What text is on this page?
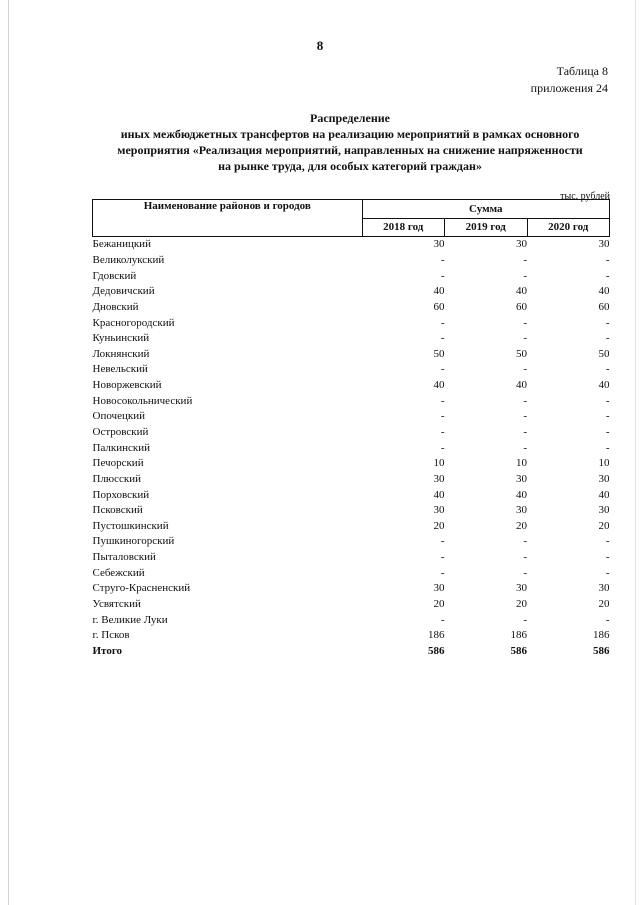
8
Таблица 8
приложения 24
Распределение
иных межбюджетных трансфертов на реализацию мероприятий в рамках основного
мероприятия «Реализация мероприятий, направленных на снижение напряженности
на рынке труда, для особых категорий граждан»
тыс. рублей
Наименование районов и городов	Сумма		
	2018 год	2019 год	2020 год
Бежаницкий	30	30	30
Великолукский	-	-	-
Гдовский	-	-	-
Дедовичский	40	40	40
Дновский	60	60	60
Красногородский	-	-	-
Куньинский	-	-	-
Локнянский	50	50	50
Невельский	-	-	-
Новоржевский	40	40	40
Новосокольнический	-	-	-
Опочецкий	-	-	-
Островский	-	-	-
Палкинский	-	-	-
Печорский	10	10	10
Плюсский	30	30	30
Порховский	40	40	40
Псковский	30	30	30
Пустошкинский	20	20	20
Пушкиногорский	-	-	-
Пыталовский	-	-	-
Себежский	-	-	-
Струго-Красненский	30	30	30
Усвятский	20	20	20
г. Великие Луки	-	-	-
г. Псков	186	186	186
Итого	586	586	586
